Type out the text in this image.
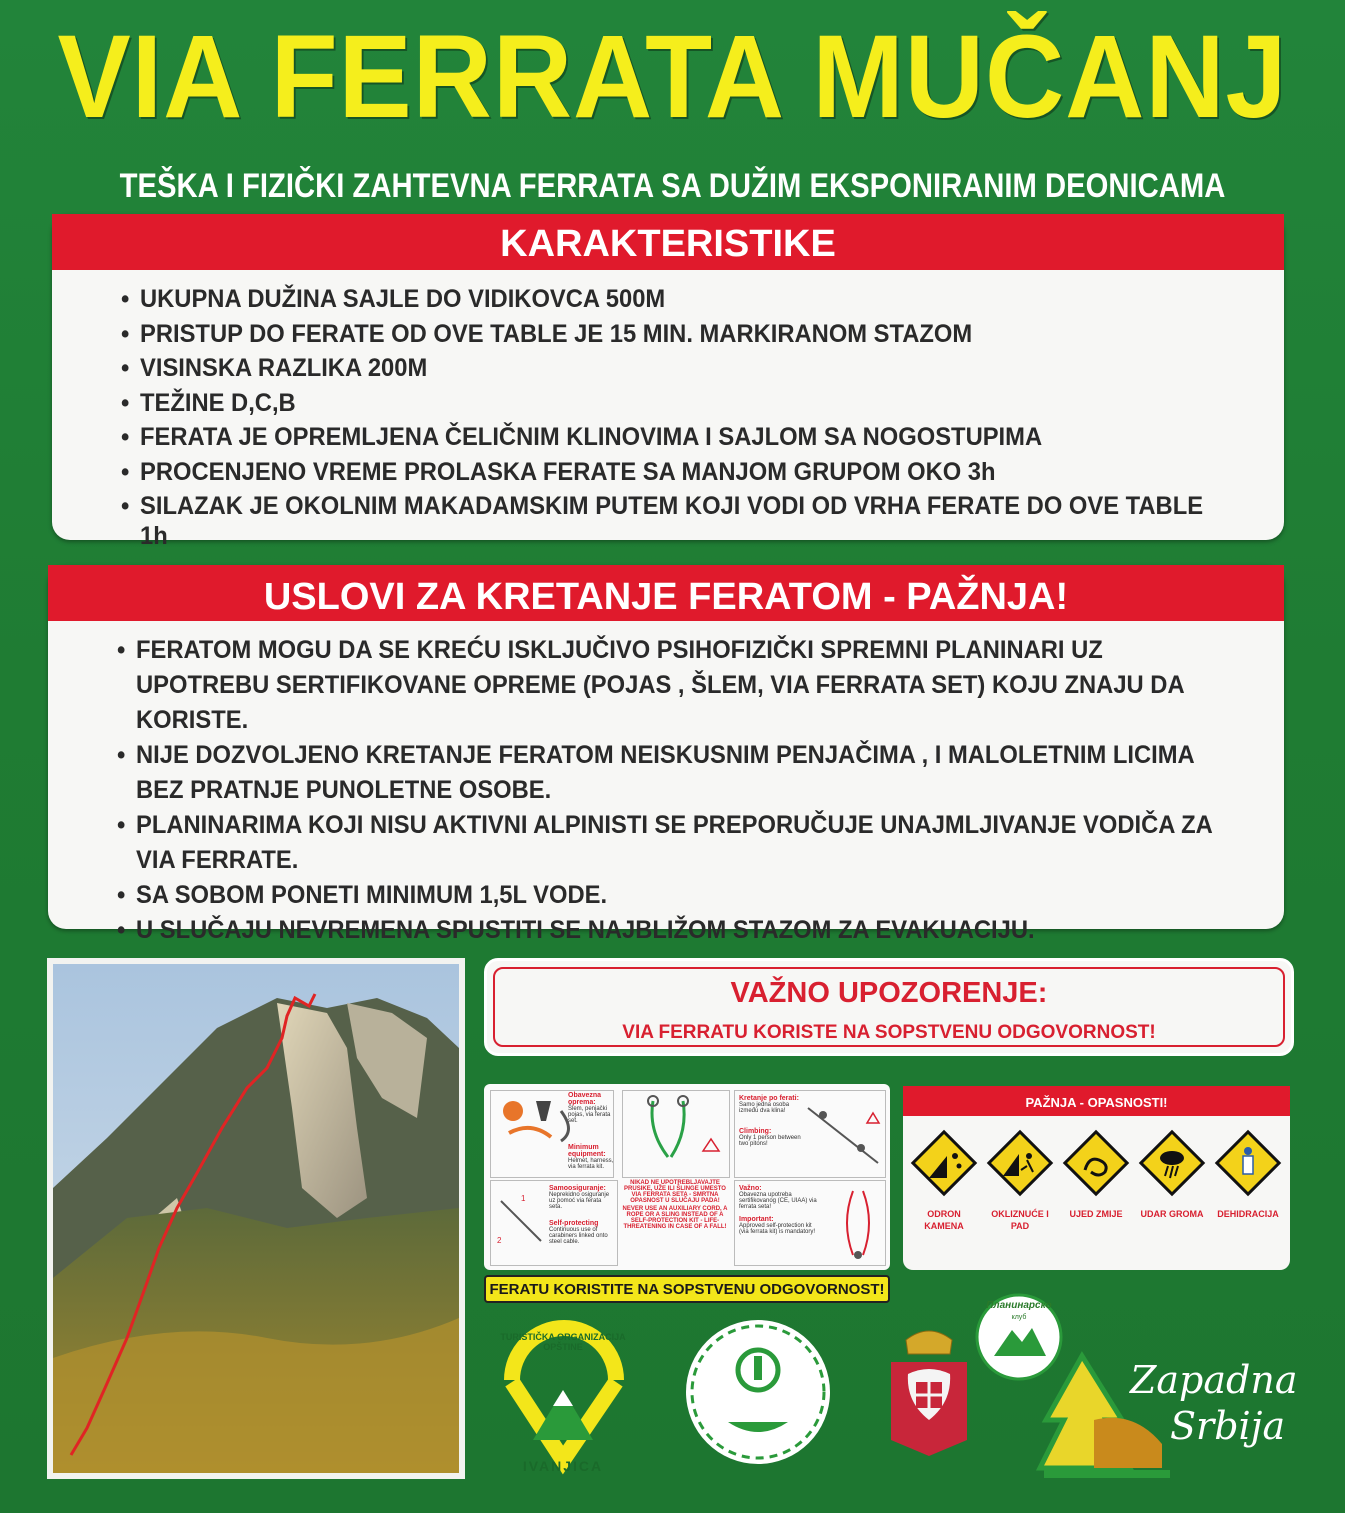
VIA FERRATA MUČANJ
TEŠKA I FIZIČKI ZAHTEVNA FERRATA SA DUŽIM EKSPONIRANIM DEONICAMA
KARAKTERISTIKE
• UKUPNA DUŽINA SAJLE DO VIDIKOVCA 500M
• PRISTUP DO FERATE OD OVE TABLE JE 15 MIN. MARKIRANOM STAZOM
• VISINSKA RAZLIKA 200M
• TEŽINE D,C,B
• FERATA JE OPREMLJENA ČELIČNIM KLINOVIMA I SAJLOM SA NOGOSTUPIMA
• PROCENJENO VREME PROLASKA FERATE SA MANJOM GRUPOM OKO 3h
• SILAZAK JE OKOLNIM MAKADAMSKIM PUTEM KOJI VODI OD VRHA FERATE DO OVE TABLE 1h
USLOVI ZA KRETANJE FERATOM - PAŽNJA!
• FERATOM MOGU DA SE KREĆU ISKLJUČIVO PSIHOFIZIČKI SPREMNI PLANINARI UZ UPOTREBU SERTIFIKOVANE OPREME (POJAS , ŠLEM, VIA FERRATA SET) KOJU ZNAJU DA KORISTE.
• NIJE DOZVOLJENO KRETANJE FERATOM NEISKUSNIM PENJAČIMA , I MALOLETNIM LICIMA BEZ PRATNJE PUNOLETNE OSOBE.
• PLANINARIMA KOJI NISU AKTIVNI ALPINISTI SE PREPORUČUJE UNAJMLJIVANJE VODIČA ZA VIA FERRATE.
• SA SOBOM PONETI MINIMUM 1,5L VODE.
• U SLUČAJU NEVREMENA SPUSTITI SE NAJBLIŽOM STAZOM ZA EVAKUACIJU.
VAŽNO UPOZORENJE:
VIA FERRATU KORISTE NA SOPSTVENU ODGOVORNOST!
Obavezna oprema:
Šlem, penjački pojas, via ferata set.
Minimum equipment:
Helmet, harness, via ferrata kit.
NIKAD NE UPOTREBLJAVAJTE PRUSIKE, UŽE ILI ŠLINGE UMESTO VIA FERRATA SETA - SMRTNA OPASNOST U SLUČAJU PADA!
NEVER USE AN AUXILIARY CORD, A ROPE OR A SLING INSTEAD OF A SELF-PROTECTION KIT - LIFE-THREATENING IN CASE OF A FALL!
Kretanje po ferati:
Samo jedna osoba između dva klina!
Climbing:
Only 1 person between two pitons!
1
2
Samoosiguranje:
Neprekidno osiguranje uz pomoć via ferata seta.
Self-protecting
Continuous use of carabiners linked onto steel cable.
Važno:
Obavezna upotreba sertifikovanog (CE, UIAA) via ferrata seta!
Important:
Approved self-protection kit (via ferrata kit) is mandatory!
PAŽNJA - OPASNOSTI!
ODRON KAMENA
OKLIZNUĆE I PAD
UJED ZMIJE	UDAR GROMA	DEHIDRACIJA
FERATU KORISTITE NA SOPSTVENU ODGOVORNOST!
TURISTIČKA ORGANIZACIJA OPŠTINE
IVANJICA
ИВАЊИЦА
Планинарско
клуб
Zapadna
Srbija
